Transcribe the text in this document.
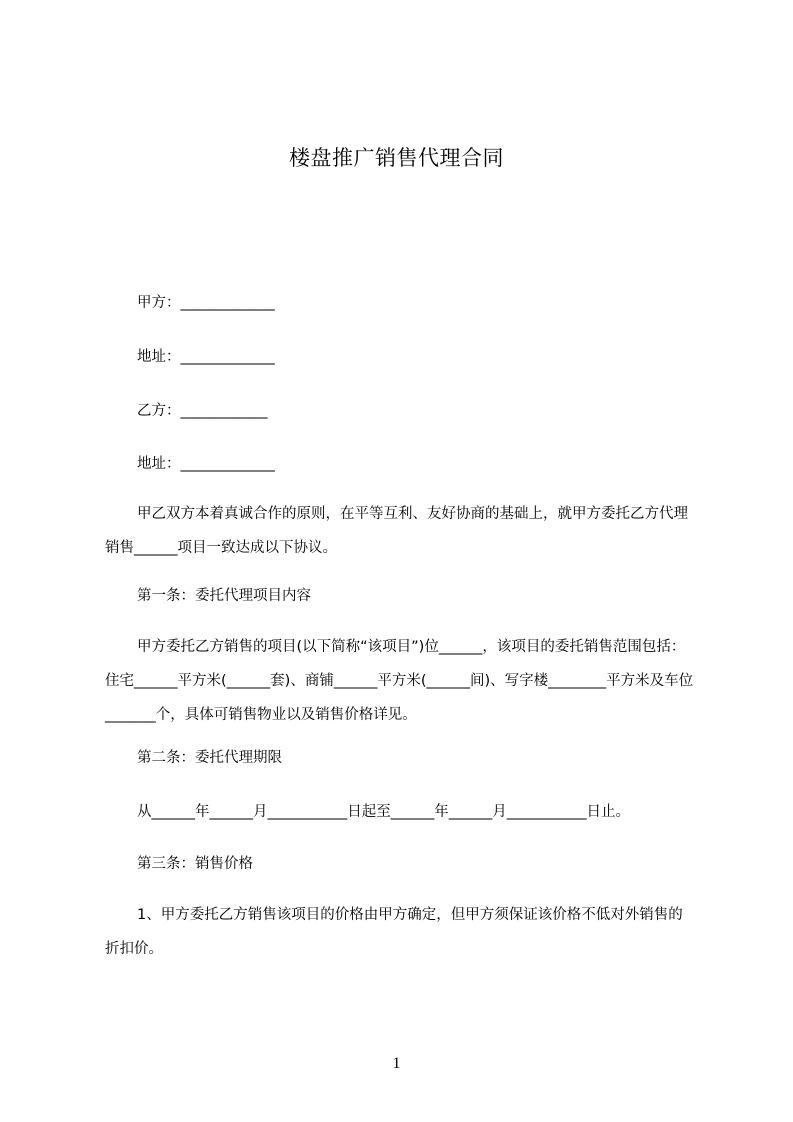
楼盘推广销售代理合同
甲方：_____________
地址：_____________
乙方：____________
地址：_____________
甲乙双方本着真诚合作的原则，在平等互利、友好协商的基础上，就甲方委托乙方代理销售______项目一致达成以下协议。
第一条：委托代理项目内容
甲方委托乙方销售的项目(以下简称“该项目”)位______，该项目的委托销售范围包括：住宅______平方米(______套)、商铺______平方米(______间)、写字楼________平方米及车位_______个，具体可销售物业以及销售价格详见。
第二条：委托代理期限
从______年______月___________日起至______年______月___________日止。
第三条：销售价格
1、甲方委托乙方销售该项目的价格由甲方确定，但甲方须保证该价格不低对外销售的折扣价。
1
